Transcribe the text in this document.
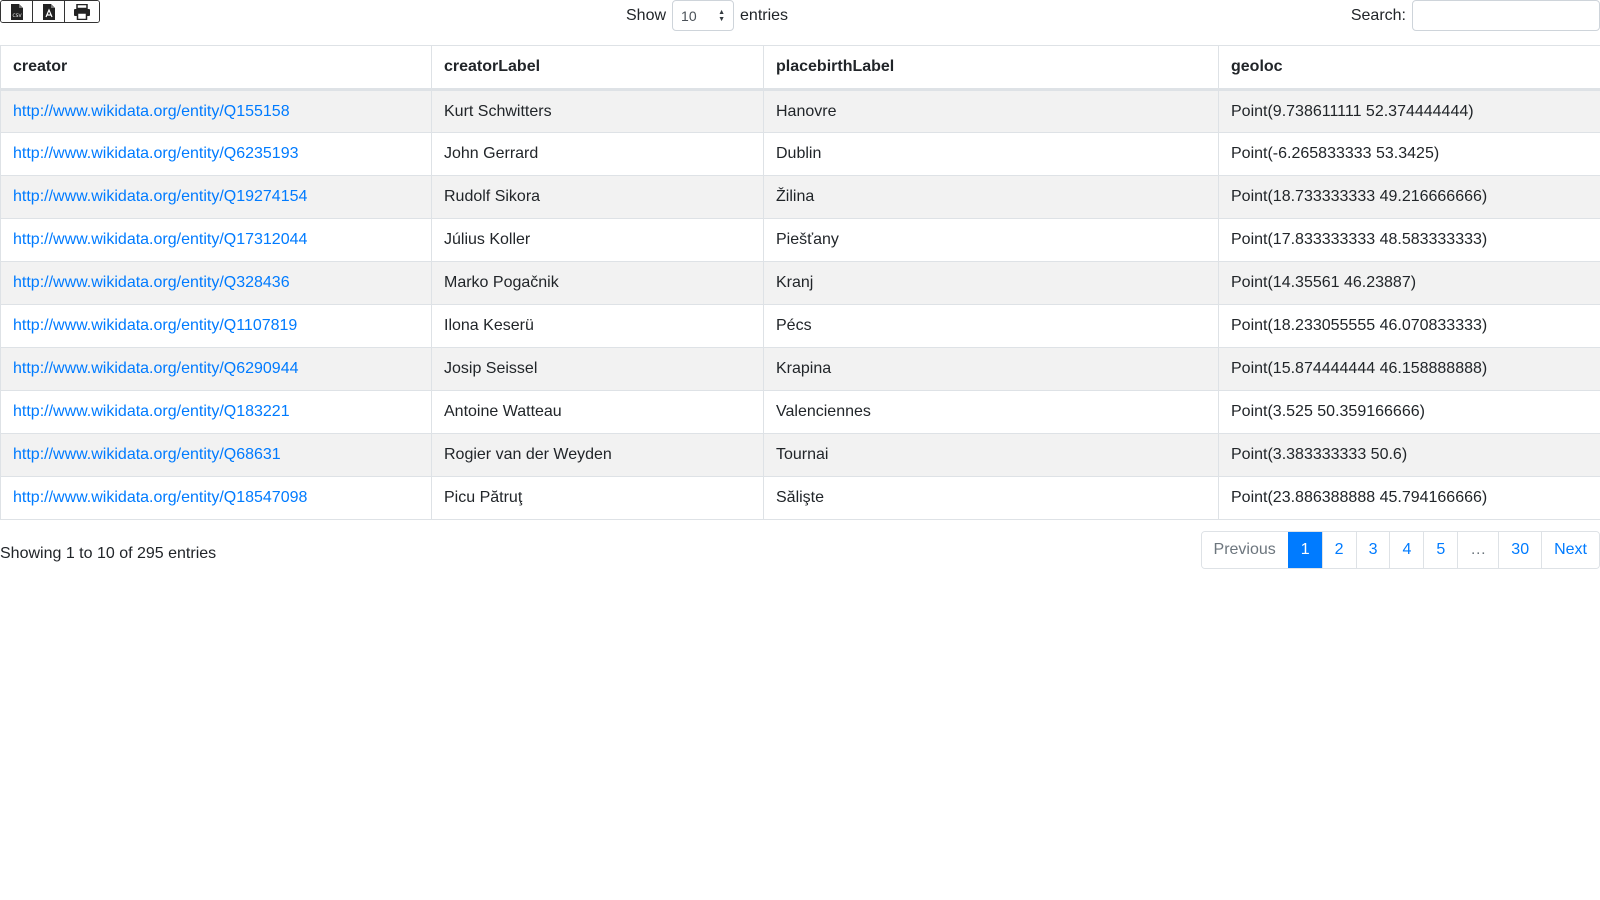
CSV	Show 10	▲
▼ entries	Search:
creator	creatorLabel	placebirthLabel	geoloc
http://www.wikidata.org/entity/Q155158	Kurt Schwitters	Hanovre	Point(9.738611111 52.374444444)
http://www.wikidata.org/entity/Q6235193	John Gerrard	Dublin	Point(-6.265833333 53.3425)
http://www.wikidata.org/entity/Q19274154	Rudolf Sikora	Žilina	Point(18.733333333 49.216666666)
http://www.wikidata.org/entity/Q17312044	Július Koller	Piešťany	Point(17.833333333 48.583333333)
http://www.wikidata.org/entity/Q328436	Marko Pogačnik	Kranj	Point(14.35561 46.23887)
http://www.wikidata.org/entity/Q1107819	Ilona Keserü	Pécs	Point(18.233055555 46.070833333)
http://www.wikidata.org/entity/Q6290944	Josip Seissel	Krapina	Point(15.874444444 46.158888888)
http://www.wikidata.org/entity/Q183221	Antoine Watteau	Valenciennes	Point(3.525 50.359166666)
http://www.wikidata.org/entity/Q68631	Rogier van der Weyden	Tournai	Point(3.383333333 50.6)
http://www.wikidata.org/entity/Q18547098	Picu Pătruţ	Sălişte	Point(23.886388888 45.794166666)
Showing 1 to 10 of 295 entries	Previous	1	2	3	4	5	…	30	Next
